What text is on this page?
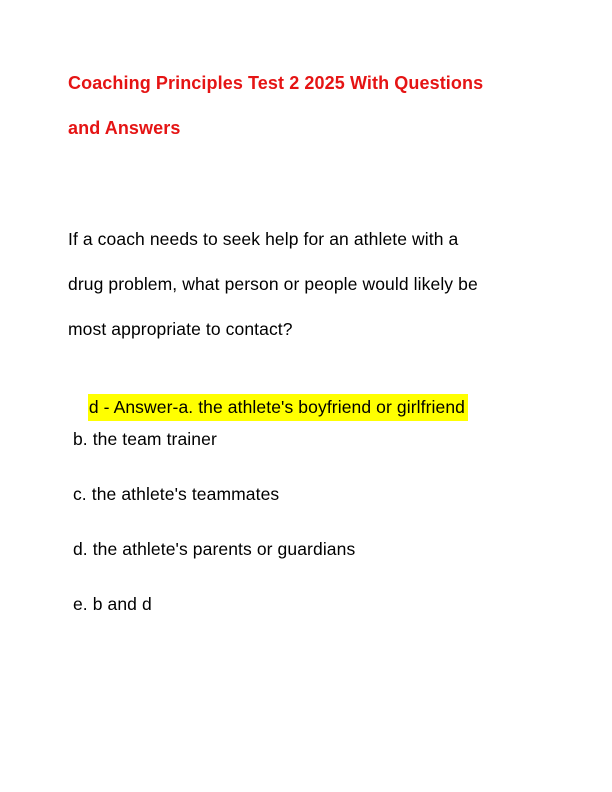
Coaching Principles Test 2 2025 With Questions
and Answers
If a coach needs to seek help for an athlete with a
drug problem, what person or people would likely be
most appropriate to contact?

d - Answer-a. the athlete's boyfriend or girlfriend

b. the team trainer
c. the athlete's teammates
d. the athlete's parents or guardians
e. b and d
